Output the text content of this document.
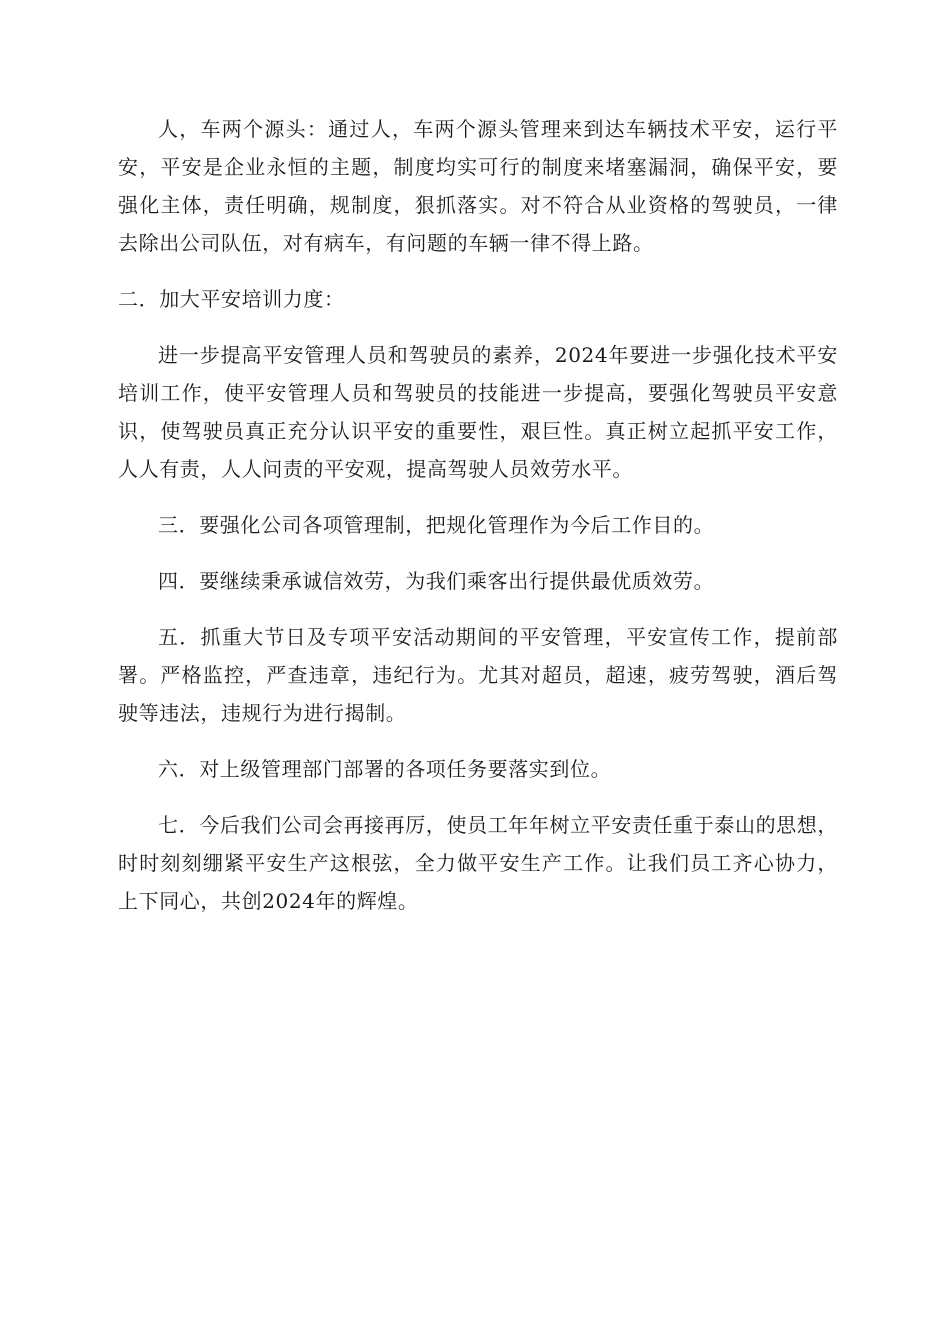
人，车两个源头：通过人，车两个源头管理来到达车辆技术平安，运行平安，平安是企业永恒的主题，制度均实可行的制度来堵塞漏洞，确保平安，要强化主体，责任明确，规制度，狠抓落实。对不符合从业资格的驾驶员，一律去除出公司队伍，对有病车，有问题的车辆一律不得上路。

二．加大平安培训力度：

进一步提高平安管理人员和驾驶员的素养，2024年要进一步强化技术平安培训工作，使平安管理人员和驾驶员的技能进一步提高，要强化驾驶员平安意识，使驾驶员真正充分认识平安的重要性，艰巨性。真正树立起抓平安工作，人人有责，人人问责的平安观，提高驾驶人员效劳水平。

三．要强化公司各项管理制，把规化管理作为今后工作目的。

四．要继续秉承诚信效劳，为我们乘客出行提供最优质效劳。

五．抓重大节日及专项平安活动期间的平安管理，平安宣传工作，提前部署。严格监控，严查违章，违纪行为。尤其对超员，超速，疲劳驾驶，酒后驾驶等违法，违规行为进行揭制。

六．对上级管理部门部署的各项任务要落实到位。

七．今后我们公司会再接再厉，使员工年年树立平安责任重于泰山的思想，时时刻刻绷紧平安生产这根弦，全力做平安生产工作。让我们员工齐心协力，上下同心，共创2024年的辉煌。
